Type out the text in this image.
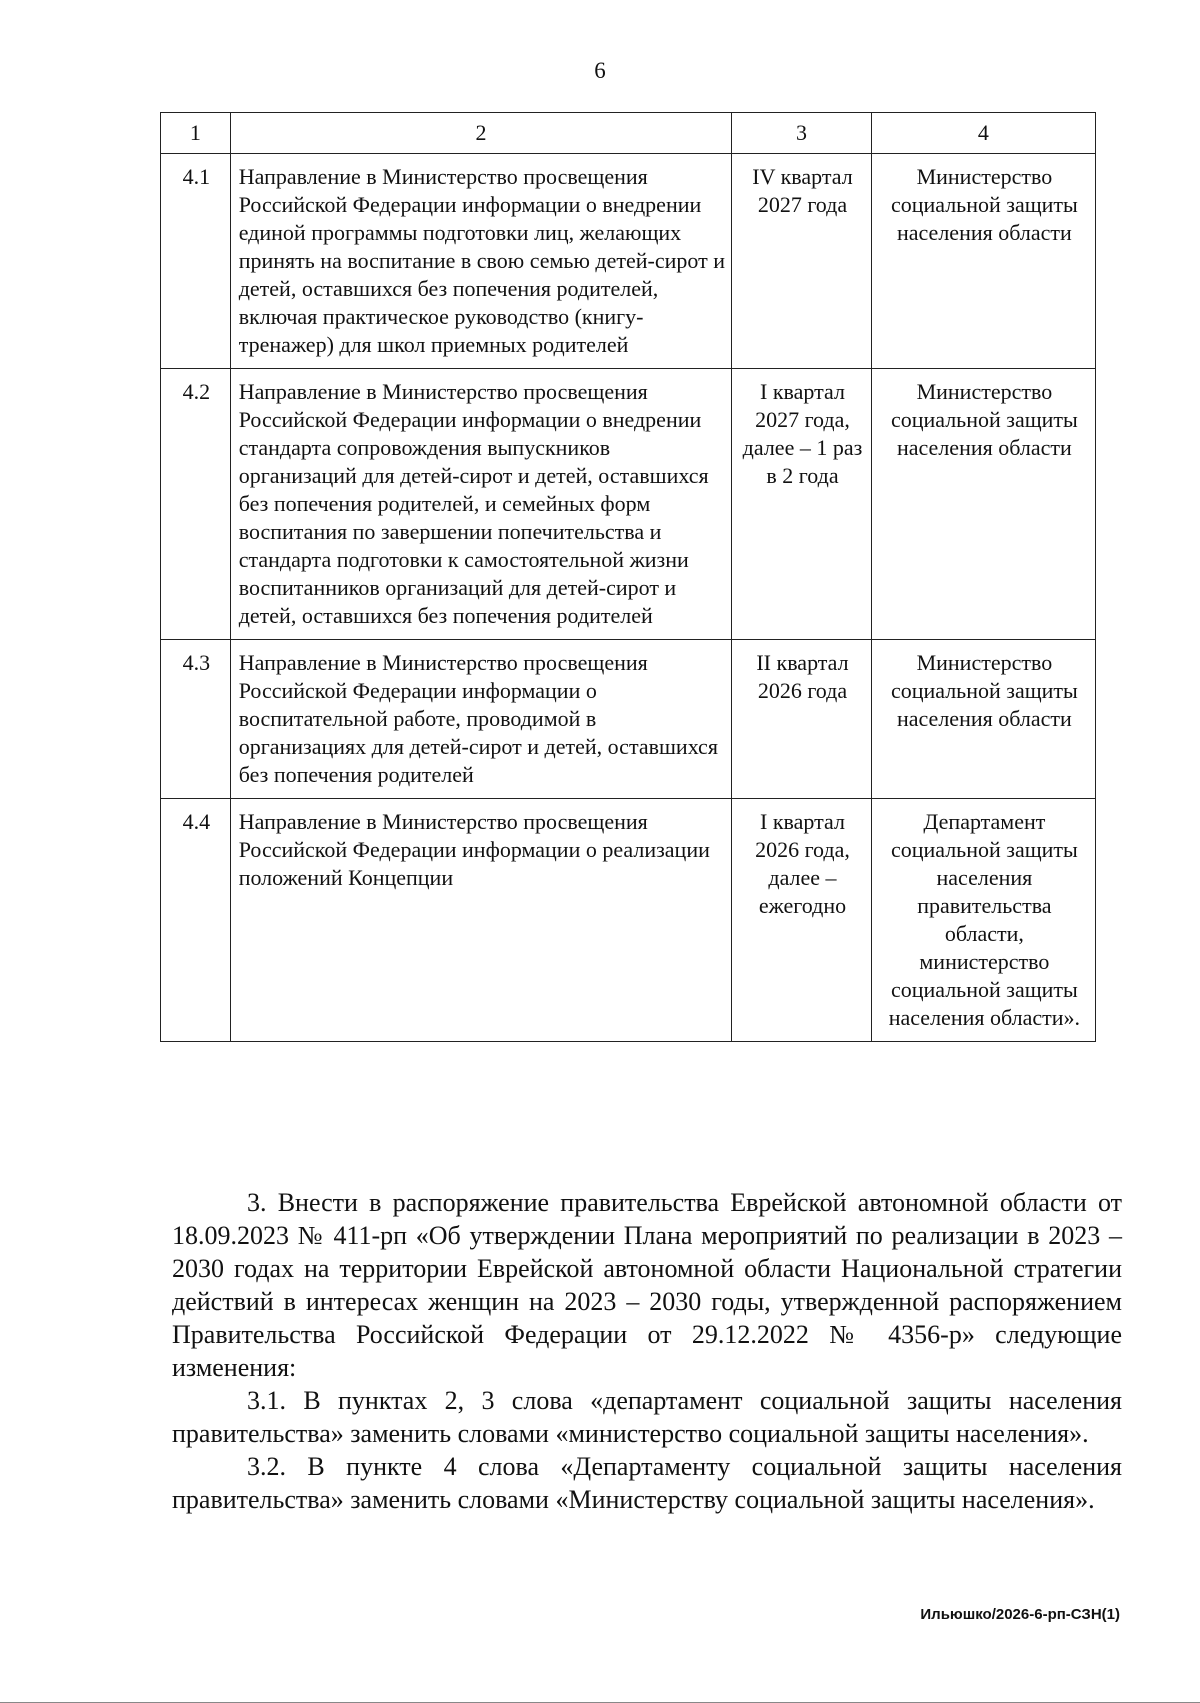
6
1	2	3	4
4.1	Направление в Министерство просвещения Российской Федерации информации о внедрении единой программы подготовки лиц, желающих принять на воспитание в свою семью детей-сирот и детей, оставшихся без попечения родителей, включая практическое руководство (книгу-тренажер) для школ приемных родителей	IV квартал 2027 года	Министерство социальной защиты населения области
4.2	Направление в Министерство просвещения Российской Федерации информации о внедрении стандарта сопровождения выпускников организаций для детей-сирот и детей, оставшихся без попечения родителей, и семейных форм воспитания по завершении попечительства и стандарта подготовки к самостоятельной жизни воспитанников организаций для детей-сирот и детей, оставшихся без попечения родителей	I квартал 2027 года, далее – 1 раз в 2 года	Министерство социальной защиты населения области
4.3	Направление в Министерство просвещения Российской Федерации информации о воспитательной работе, проводимой в организациях для детей-сирот и детей, оставшихся без попечения родителей	II квартал 2026 года	Министерство социальной защиты населения области
4.4	Направление в Министерство просвещения Российской Федерации информации о реализации положений Концепции	I квартал 2026 года, далее – ежегодно	Департамент социальной защиты населения правительства области, министерство социальной защиты населения области».

3. Внести в распоряжение правительства Еврейской автономной области от 18.09.2023 № 411-рп «Об утверждении Плана мероприятий по реализации в 2023 – 2030 годах на территории Еврейской автономной области Национальной стратегии действий в интересах женщин на 2023 – 2030 годы, утвержденной распоряжением Правительства Российской Федерации от 29.12.2022 № 4356-р» следующие изменения:

3.1. В пунктах 2, 3 слова «департамент социальной защиты населения правительства» заменить словами «министерство социальной защиты населения».

3.2. В пункте 4 слова «Департаменту социальной защиты населения правительства» заменить словами «Министерству социальной защиты населения».

Ильюшко/2026-6-рп-СЗН(1)
